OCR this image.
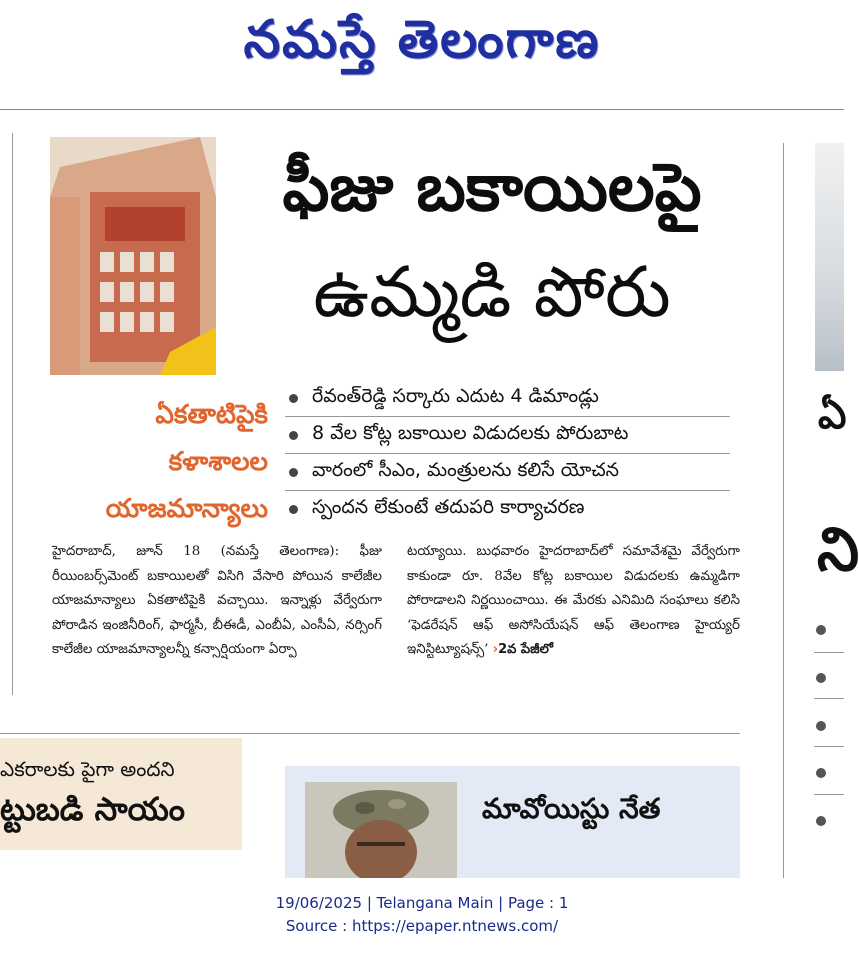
నమస్తే తెలంగాణ
ఫీజు బకాయిలపై
ఉమ్మడి పోరు
ఏకతాటిపైకి
కళాశాలల
యాజమాన్యాలు
రేవంత్‌రెడ్డి సర్కారు ఎదుట 4 డిమాండ్లు
8 వేల కోట్ల బకాయిల విడుదలకు పోరుబాట
వారంలో సీఎం, మంత్రులను కలిసే యోచన
స్పందన లేకుంటే తదుపరి కార్యాచరణ
హైదరాబాద్‌, జూన్‌ 18 (నమస్తే తెలంగాణ): ఫీజు రీయింబర్స్‌మెంట్‌ బకాయిలతో విసిగి వేసారి పోయిన కాలేజీల యాజమాన్యాలు ఏకతాటిపైకి వచ్చాయి. ఇన్నాళ్లు వేర్వేరుగా పోరాడిన ఇంజినీరింగ్‌, ఫార్మసీ, బీఈడీ, ఎంబీఏ, ఎంసీఏ, నర్సింగ్‌ కాలేజీల యాజమాన్యాలన్నీ కన్సార్షియంగా ఏర్పా
టయ్యాయి. బుధవారం హైదరాబాద్‌లో సమావేశమై వేర్వేరుగా కాకుండా రూ. 8వేల కోట్ల బకాయిల విడుదలకు ఉమ్మడిగా పోరాడాలని నిర్ణయించాయి. ఈ మేరకు ఎనిమిది సంఘాలు కలిసి ‘ఫెడరేషన్‌ ఆఫ్‌ అసోసియేషన్‌ ఆఫ్‌ తెలంగాణ హైయ్యర్‌ ఇనిస్టిట్యూషన్స్‌’ ›2వ పేజీలో
ఎకరాలకు పైగా అందని
ట్టుబడి సాయం	మావోయిస్టు నేత
ఏ
ని
19/06/2025 | Telangana Main | Page : 1
Source : https://epaper.ntnews.com/
